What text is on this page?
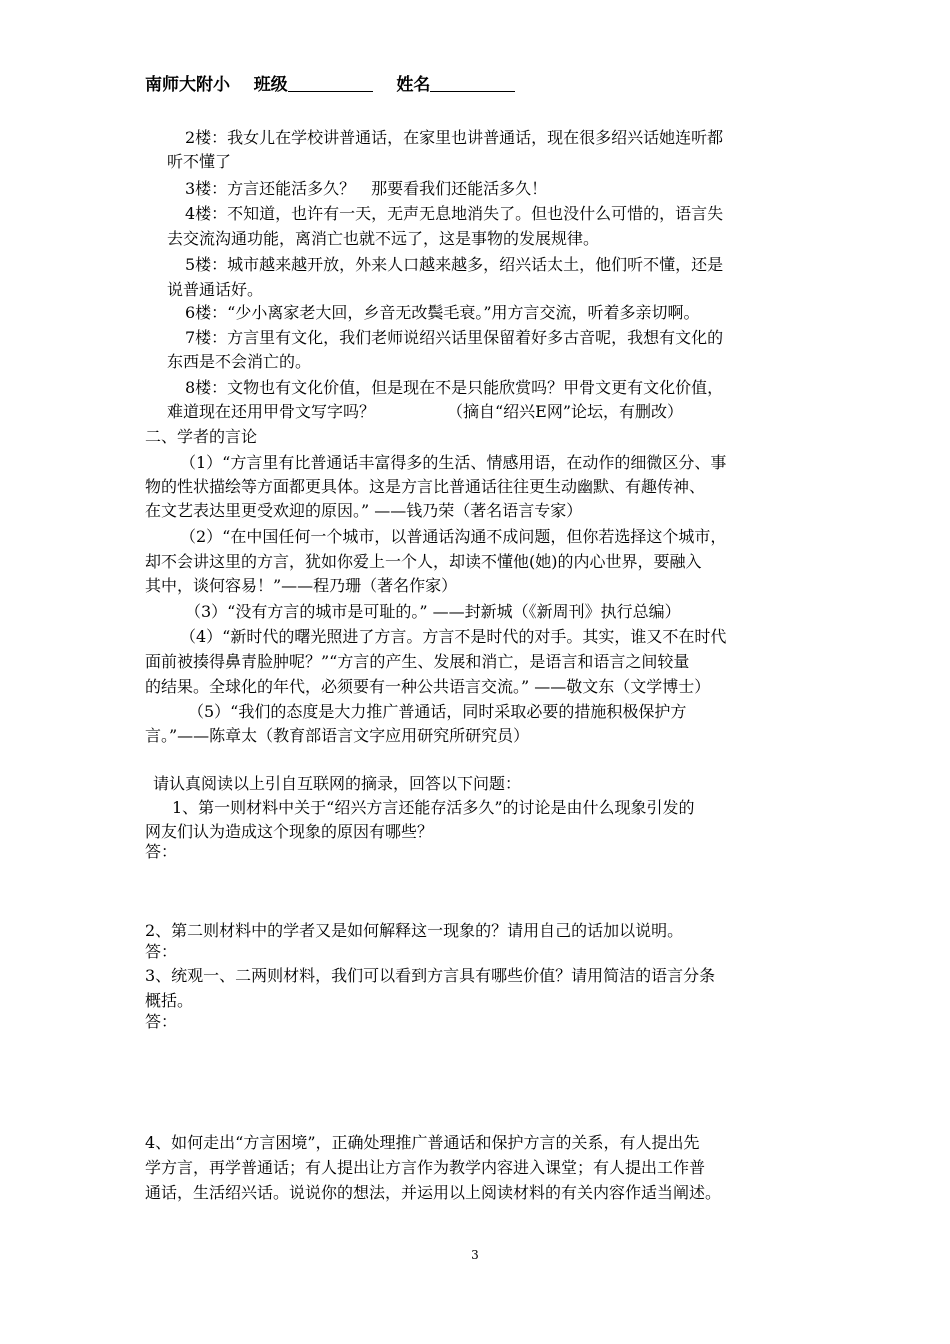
南师大附小 班级	姓名
2楼：我女儿在学校讲普通话，在家里也讲普通话，现在很多绍兴话她连听都
听不懂了
3楼：方言还能活多久？　那要看我们还能活多久！
4楼：不知道，也许有一天，无声无息地消失了。但也没什么可惜的，语言失
去交流沟通功能，离消亡也就不远了，这是事物的发展规律。
5楼：城市越来越开放，外来人口越来越多，绍兴话太土，他们听不懂，还是
说普通话好。
6楼：“少小离家老大回，乡音无改鬓毛衰。”用方言交流，听着多亲切啊。
7楼：方言里有文化，我们老师说绍兴话里保留着好多古音呢，我想有文化的
东西是不会消亡的。
8楼：文物也有文化价值，但是现在不是只能欣赏吗？甲骨文更有文化价值，
难道现在还用甲骨文写字吗？　　　　　（摘自“绍兴E网”论坛，有删改）
二、学者的言论
（1）“方言里有比普通话丰富得多的生活、情感用语，在动作的细微区分、事
物的性状描绘等方面都更具体。这是方言比普通话往往更生动幽默、有趣传神、
在文艺表达里更受欢迎的原因。” ——钱乃荣（著名语言专家）
（2）“在中国任何一个城市，以普通话沟通不成问题，但你若选择这个城市，
却不会讲这里的方言，犹如你爱上一个人，却读不懂他(她)的内心世界，要融入
其中，谈何容易！”——程乃珊（著名作家）
（3）“没有方言的城市是可耻的。” ——封新城（《新周刊》执行总编）
（4）“新时代的曙光照进了方言。方言不是时代的对手。其实，谁又不在时代
面前被揍得鼻青脸肿呢？”“方言的产生、发展和消亡，是语言和语言之间较量
的结果。全球化的年代，必须要有一种公共语言交流。” ——敬文东（文学博士）
（5）“我们的态度是大力推广普通话，同时采取必要的措施积极保护方
言。”——陈章太（教育部语言文字应用研究所研究员）
请认真阅读以上引自互联网的摘录，回答以下问题：
1、第一则材料中关于“绍兴方言还能存活多久”的讨论是由什么现象引发的
网友们认为造成这个现象的原因有哪些？
答：
2、第二则材料中的学者又是如何解释这一现象的？请用自己的话加以说明。
答：
3、统观一、二两则材料，我们可以看到方言具有哪些价值？请用简洁的语言分条
概括。
答：
4、如何走出“方言困境”，正确处理推广普通话和保护方言的关系，有人提出先
学方言，再学普通话；有人提出让方言作为教学内容进入课堂；有人提出工作普
通话，生活绍兴话。说说你的想法，并运用以上阅读材料的有关内容作适当阐述。
3
